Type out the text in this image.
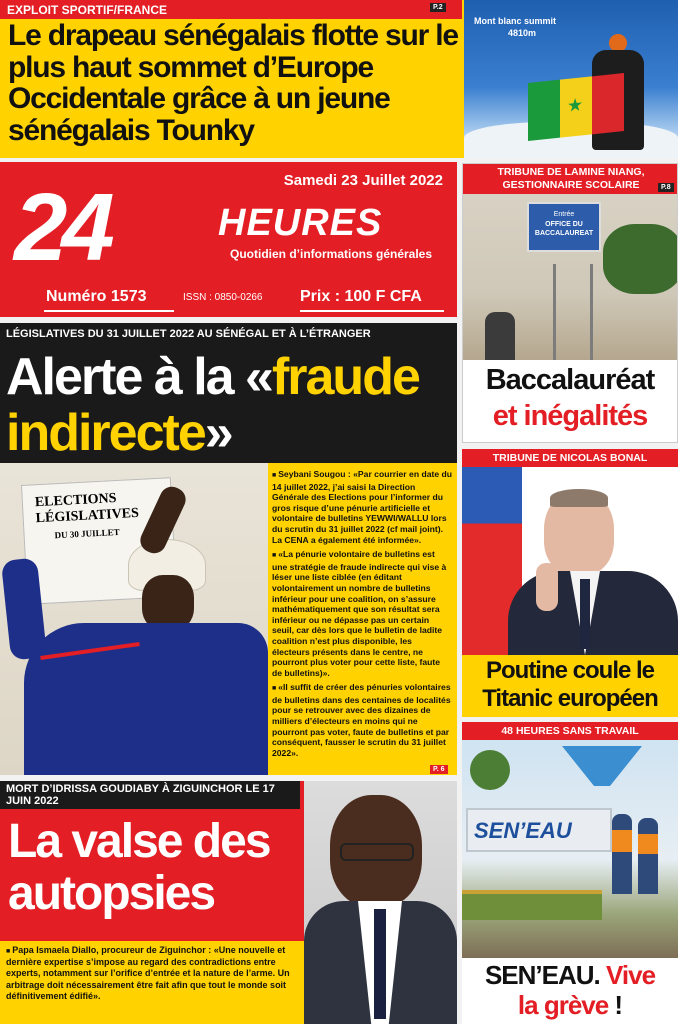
EXPLOIT SPORTIF/FRANCE	P.2
Le drapeau sénégalais flotte sur le plus haut sommet d’Europe Occidentale grâce à un jeune sénégalais Tounky
Mont blanc summit
4810m
★
Samedi 23 Juillet 2022
24	HEURES
Quotidien d’informations générales
Numéro 1573	ISSN : 0850-0266 Prix : 100 F CFA
TRIBUNE DE LAMINE NIANG, GESTIONNAIRE SCOLAIRE	P.8
Entrée
OFFICE DU BACCALAUREAT
Baccalauréat
et inégalités
LÉGISLATIVES DU 31 JUILLET 2022 AU SÉNÉGAL ET À L’ÉTRANGER
Alerte à la «fraude
indirecte»
ELECTIONS
LÉGISLATIVES
DU 30 JUILLET

■ Seybani Sougou : «Par courrier en date du 14 juillet 2022, j’ai saisi la Direction Générale des Elections pour l’informer du gros risque d’une pénurie artificielle et volontaire de bulletins YEWWI/WALLU lors du scrutin du 31 juillet 2022 (cf mail joint). La CENA a également été informée».

■ «La pénurie volontaire de bulletins est une stratégie de fraude indirecte qui vise à léser une liste ciblée (en éditant volontairement un nombre de bulletins inférieur pour une coalition, on s’assure mathématiquement que son résultat sera inférieur ou ne dépasse pas un certain seuil, car dès lors que le bulletin de ladite coalition n’est plus disponible, les électeurs présents dans le centre, ne pourront plus voter pour cette liste, faute de bulletins)».

■ «Il suffit de créer des pénuries volontaires de bulletins dans des centaines de localités pour se retrouver avec des dizaines de milliers d’électeurs en moins qui ne pourront pas voter, faute de bulletins et par conséquent, fausser le scrutin du 31 juillet 2022».

P. 6
TRIBUNE DE NICOLAS BONAL
Poutine coule le
Titanic européen
MORT D’IDRISSA GOUDIABY À ZIGUINCHOR LE 17 JUIN 2022
La valse des
autopsies

■ Papa Ismaela Diallo, procureur de Ziguinchor : «Une nouvelle et dernière expertise s’impose au regard des contradictions entre experts, notamment sur l’orifice d’entrée et la nature de l’arme. Un arbitrage doit nécessairement être fait afin que tout le monde soit définitivement édifié».

48 HEURES SANS TRAVAIL
SEN’EAU
SEN’EAU. Vive
la grève !
